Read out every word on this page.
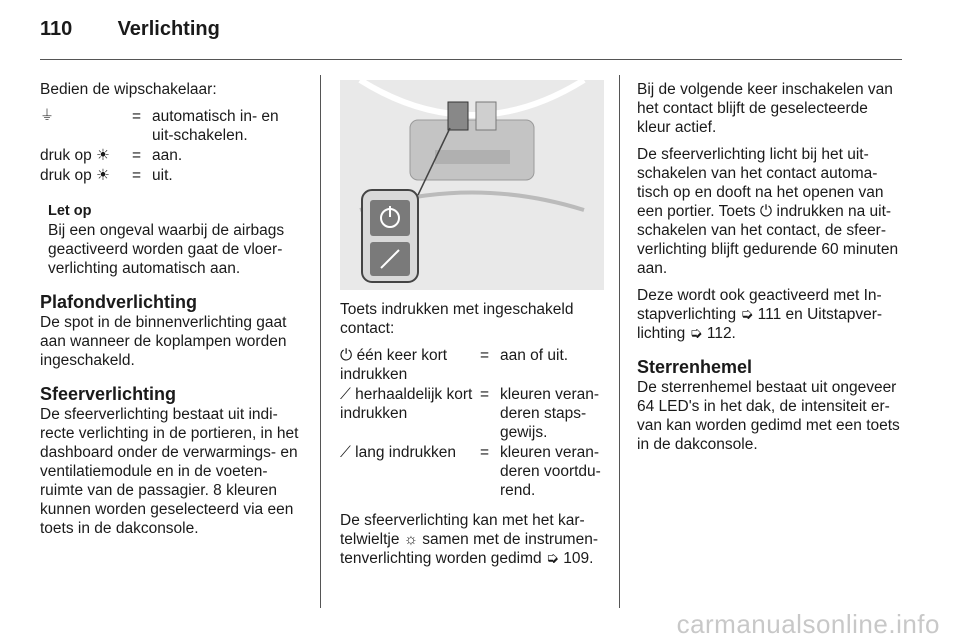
110 Verlichting

Bedien de wipschakelaar:

⏚	=	automatisch in- en uit-schakelen.
druk op ☀	=	aan.
druk op ☀	=	uit.
Let op
Bij een ongeval waarbij de airbags geactiveerd worden gaat de vloer-verlichting automatisch aan.
Plafondverlichting

De spot in de binnenverlichting gaat aan wanneer de koplampen worden ingeschakeld.

Sfeerverlichting

De sfeerverlichting bestaat uit indi-recte verlichting in de portieren, in het dashboard onder de verwarmings- en ventilatiemodule en in de voeten-ruimte van de passagier. 8 kleuren kunnen worden geselecteerd via een toets in de dakconsole.

Toets indrukken met ingeschakeld contact:

⏻ één keer kort indrukken	=	aan of uit.
⟋ herhaaldelijk kort indrukken	=	kleuren veran-deren staps-gewijs.
⟋ lang indrukken	=	kleuren veran-deren voortdu-rend.

De sfeerverlichting kan met het kar-telwieltje ☼ samen met de instrumen-tenverlichting worden gedimd ➭ 109.

Bij de volgende keer inschakelen van het contact blijft de geselecteerde kleur actief.

De sfeerverlichting licht bij het uit-schakelen van het contact automa-tisch op en dooft na het openen van een portier. Toets ⏻ indrukken na uit-schakelen van het contact, de sfeer-verlichting blijft gedurende 60 minuten aan.

Deze wordt ook geactiveerd met In-stapverlichting ➭ 111 en Uitstapver-lichting ➭ 112.

Sterrenhemel

De sterrenhemel bestaat uit ongeveer 64 LED's in het dak, de intensiteit er-van kan worden gedimd met een toets in de dakconsole.

carmanualsonline.info
